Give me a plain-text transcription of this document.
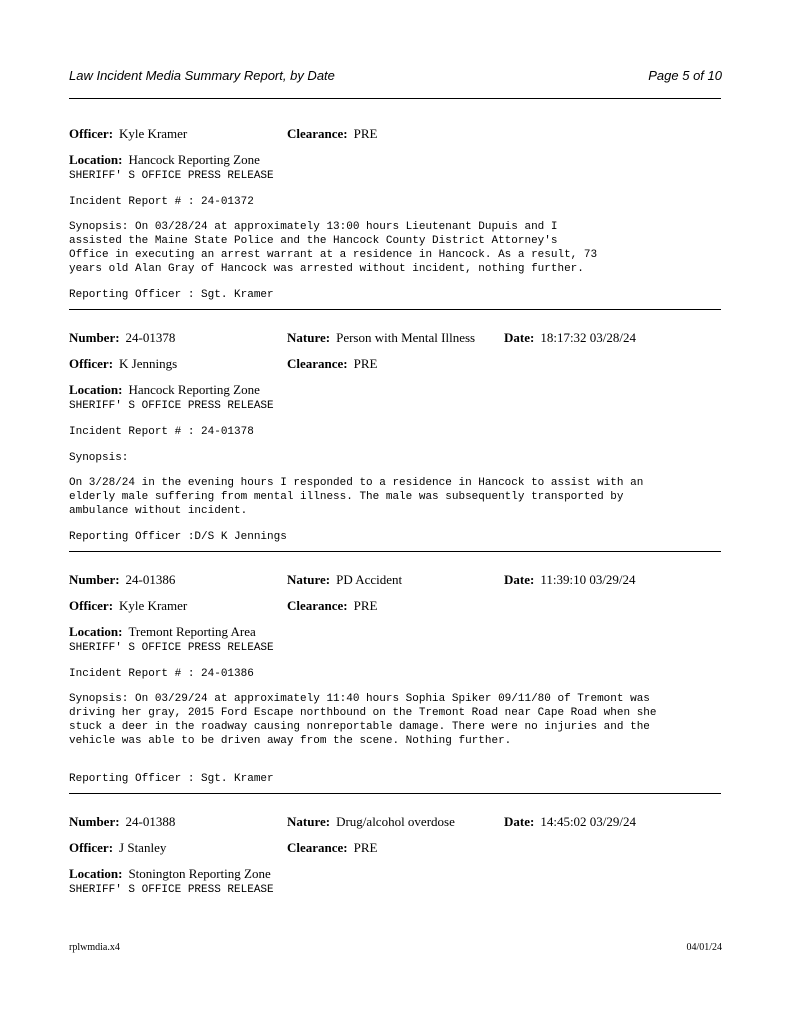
Law Incident Media Summary Report, by Date	Page 5 of 10
Officer: Kyle Kramer	Clearance: PRE
Location: Hancock Reporting Zone
SHERIFF' S OFFICE PRESS RELEASE
Incident Report # : 24-01372
Synopsis: On 03/28/24 at approximately 13:00 hours Lieutenant Dupuis and I
assisted the Maine State Police and the Hancock County District Attorney's
Office in executing an arrest warrant at a residence in Hancock. As a result, 73
years old Alan Gray of Hancock was arrested without incident, nothing further.
Reporting Officer : Sgt. Kramer
Number: 24-01378	Nature: Person with Mental Illness Date: 18:17:32 03/28/24
Officer: K Jennings	Clearance: PRE
Location: Hancock Reporting Zone
SHERIFF' S OFFICE PRESS RELEASE
Incident Report # : 24-01378
Synopsis:
On 3/28/24 in the evening hours I responded to a residence in Hancock to assist with an
elderly male suffering from mental illness. The male was subsequently transported by
ambulance without incident.
Reporting Officer :D/S K Jennings
Number: 24-01386	Nature: PD Accident	Date: 11:39:10 03/29/24
Officer: Kyle Kramer	Clearance: PRE
Location: Tremont Reporting Area
SHERIFF' S OFFICE PRESS RELEASE
Incident Report # : 24-01386
Synopsis: On 03/29/24 at approximately 11:40 hours Sophia Spiker 09/11/80 of Tremont was
driving her gray, 2015 Ford Escape northbound on the Tremont Road near Cape Road when she
stuck a deer in the roadway causing nonreportable damage. There were no injuries and the
vehicle was able to be driven away from the scene. Nothing further.
Reporting Officer : Sgt. Kramer
Number: 24-01388	Nature: Drug/alcohol overdose	Date: 14:45:02 03/29/24
Officer: J Stanley	Clearance: PRE
Location: Stonington Reporting Zone
SHERIFF' S OFFICE PRESS RELEASE
rplwmdia.x4	04/01/24
